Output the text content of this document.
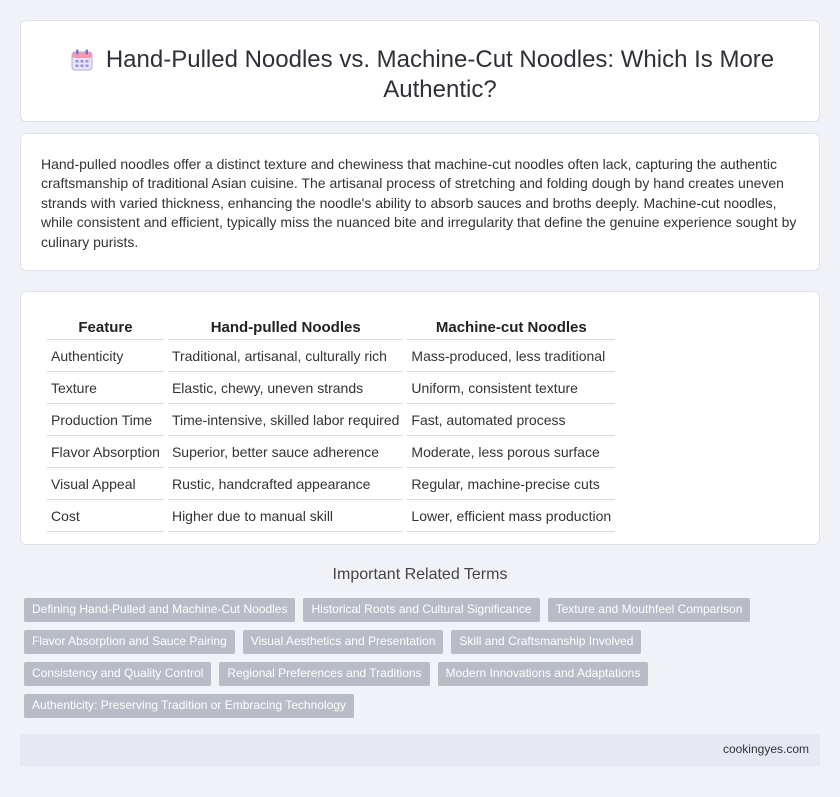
Hand-Pulled Noodles vs. Machine-Cut Noodles: Which Is More Authentic?

Hand-pulled noodles offer a distinct texture and chewiness that machine-cut noodles often lack, capturing the authentic craftsmanship of traditional Asian cuisine. The artisanal process of stretching and folding dough by hand creates uneven strands with varied thickness, enhancing the noodle's ability to absorb sauces and broths deeply. Machine-cut noodles, while consistent and efficient, typically miss the nuanced bite and irregularity that define the genuine experience sought by culinary purists.

Feature	Hand-pulled Noodles	Machine-cut Noodles
Authenticity	Traditional, artisanal, culturally rich	Mass-produced, less traditional
Texture	Elastic, chewy, uneven strands	Uniform, consistent texture
Production Time	Time-intensive, skilled labor required	Fast, automated process
Flavor Absorption	Superior, better sauce adherence	Moderate, less porous surface
Visual Appeal	Rustic, handcrafted appearance	Regular, machine-precise cuts
Cost	Higher due to manual skill	Lower, efficient mass production
Important Related Terms
Defining Hand-Pulled and Machine-Cut Noodles	Historical Roots and Cultural Significance	Texture and Mouthfeel Comparison
Flavor Absorption and Sauce Pairing	Visual Aesthetics and Presentation	Skill and Craftsmanship Involved
Consistency and Quality Control	Regional Preferences and Traditions	Modern Innovations and Adaptations
Authenticity: Preserving Tradition or Embracing Technology
cookingyes.com
